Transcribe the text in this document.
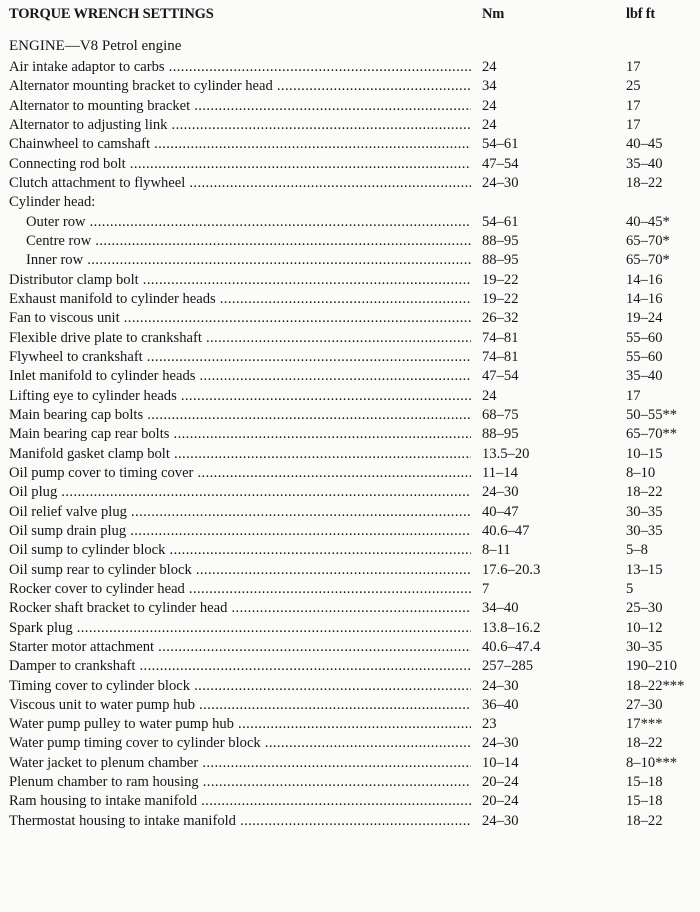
TORQUE WRENCH SETTINGS	Nm	lbf ft
ENGINE—V8 Petrol engine
Air intake adaptor to carbs .....	24	17
Alternator mounting bracket to cylinder head .....	34	25
Alternator to mounting bracket .....	24	17
Alternator to adjusting link .....	24	17
Chainwheel to camshaft .....	54–61	40–45
Connecting rod bolt .....	47–54	35–40
Clutch attachment to flywheel .....	24–30	18–22
Cylinder head:
Outer row .....	54–61	40–45*
Centre row .....	88–95	65–70*
Inner row .....	88–95	65–70*
Distributor clamp bolt .....	19–22	14–16
Exhaust manifold to cylinder heads .....	19–22	14–16
Fan to viscous unit .....	26–32	19–24
Flexible drive plate to crankshaft .....	74–81	55–60
Flywheel to crankshaft .....	74–81	55–60
Inlet manifold to cylinder heads .....	47–54	35–40
Lifting eye to cylinder heads .....	24	17
Main bearing cap bolts .....	68–75	50–55**
Main bearing cap rear bolts .....	88–95	65–70**
Manifold gasket clamp bolt .....	13.5–20	10–15
Oil pump cover to timing cover .....	11–14	8–10
Oil plug .....	24–30	18–22
Oil relief valve plug .....	40–47	30–35
Oil sump drain plug .....	40.6–47	30–35
Oil sump to cylinder block .....	8–11	5–8
Oil sump rear to cylinder block .....	17.6–20.3	13–15
Rocker cover to cylinder head .....	7	5
Rocker shaft bracket to cylinder head .....	34–40	25–30
Spark plug .....	13.8–16.2	10–12
Starter motor attachment .....	40.6–47.4	30–35
Damper to crankshaft .....	257–285	190–210
Timing cover to cylinder block .....	24–30	18–22***
Viscous unit to water pump hub .....	36–40	27–30
Water pump pulley to water pump hub .....	23	17***
Water pump timing cover to cylinder block .....	24–30	18–22
Water jacket to plenum chamber .....	10–14	8–10***
Plenum chamber to ram housing .....	20–24	15–18
Ram housing to intake manifold .....	20–24	15–18
Thermostat housing to intake manifold .....	24–30	18–22
